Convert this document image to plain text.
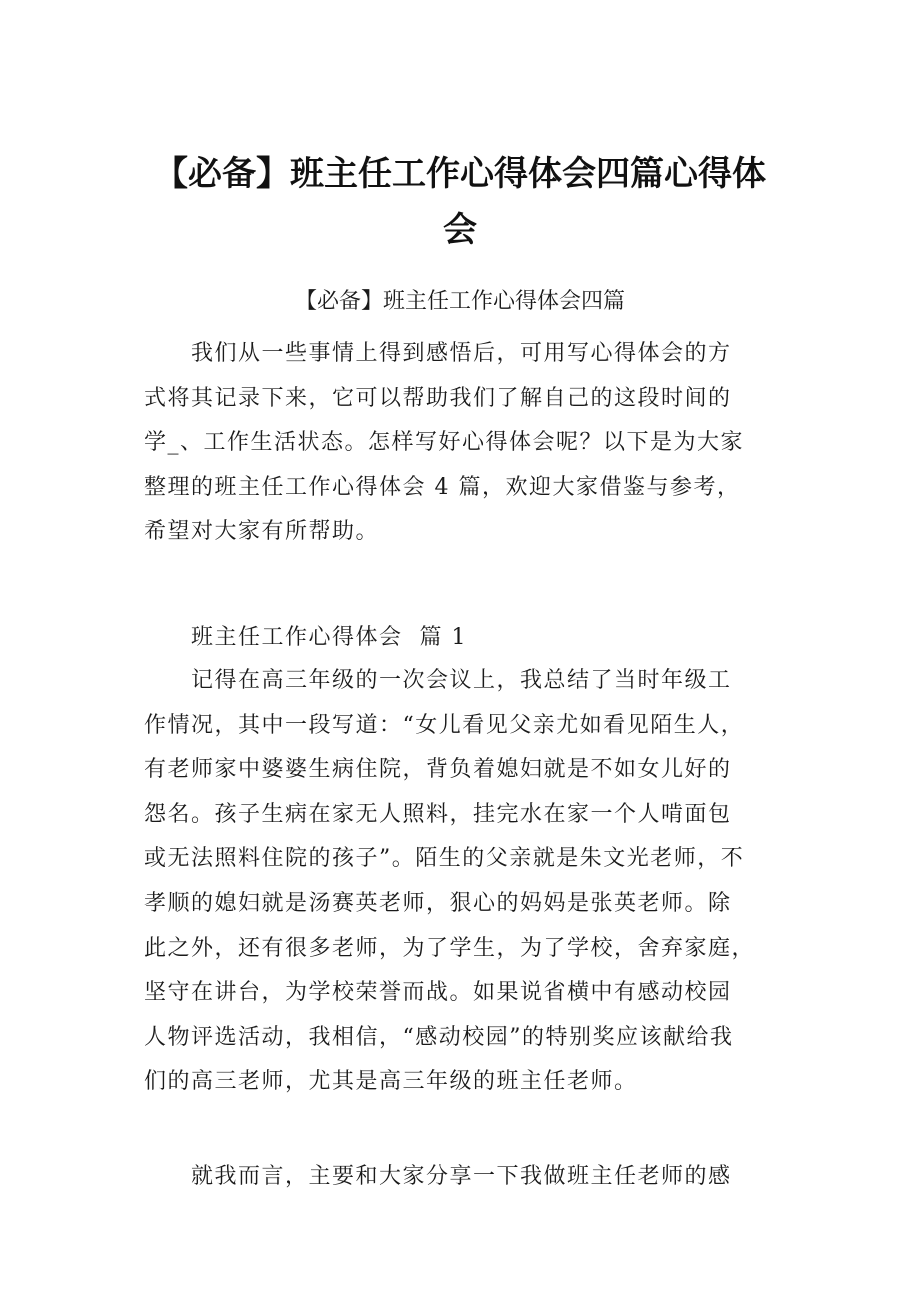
【必备】班主任工作心得体会四篇心得体
会

【必备】班主任工作心得体会四篇

我们从一些事情上得到感悟后，可用写心得体会的方
式将其记录下来，它可以帮助我们了解自己的这段时间的
学_、工作生活状态。怎样写好心得体会呢？以下是为大家
整理的班主任工作心得体会 4 篇，欢迎大家借鉴与参考，
希望对大家有所帮助。

班主任工作心得体会  篇 1

记得在高三年级的一次会议上，我总结了当时年级工
作情况，其中一段写道：“女儿看见父亲尤如看见陌生人，
有老师家中婆婆生病住院，背负着媳妇就是不如女儿好的
怨名。孩子生病在家无人照料，挂完水在家一个人啃面包
或无法照料住院的孩子”。陌生的父亲就是朱文光老师，不
孝顺的媳妇就是汤赛英老师，狠心的妈妈是张英老师。除
此之外，还有很多老师，为了学生，为了学校，舍弃家庭，
坚守在讲台，为学校荣誉而战。如果说省横中有感动校园
人物评选活动，我相信，“感动校园”的特别奖应该献给我
们的高三老师，尤其是高三年级的班主任老师。

就我而言，主要和大家分享一下我做班主任老师的感
